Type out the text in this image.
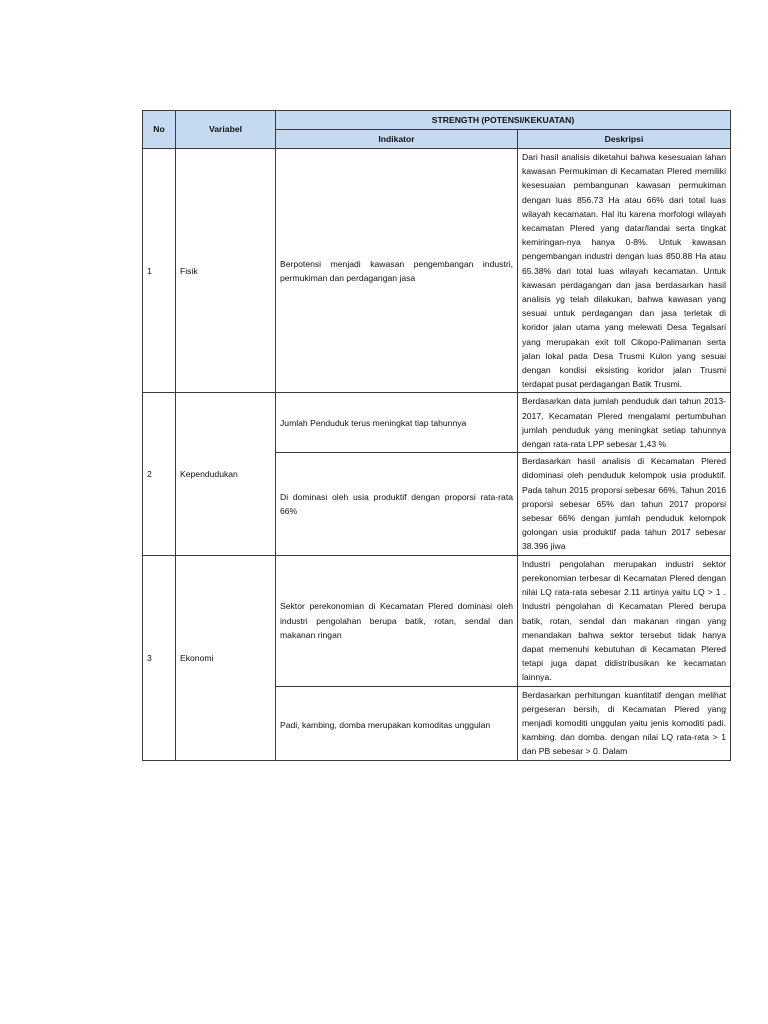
No	Variabel	STRENGTH (POTENSI/KEKUATAN)	
		Indikator	Deskripsi
1	Fisik	Berpotensi menjadi kawasan pengembangan industri, permukiman dan perdagangan jasa	Dari hasil analisis diketahui bahwa kesesuaian lahan kawasan Permukiman di Kecamatan Plered memiliki kesesuaian pembangunan kawasan permukiman dengan luas 856.73 Ha atau 66% dari total luas wilayah kecamatan. Hal itu karena morfologi wilayah kecamatan Plered yang datar/landai serta tingkat kemiringan-nya hanya 0-8%. Untuk kawasan pengembangan industri dengan luas 850.88 Ha atau 65.38% dari total luas wilayah kecamatan. Untuk kawasan perdagangan dan jasa berdasarkan hasil analisis yg telah dilakukan, bahwa kawasan yang sesuai untuk perdagangan dan jasa terletak di koridor jalan utama yang melewati Desa Tegalsari yang merupakan exit toll Cikopo-Palimanan serta jalan lokal pada Desa Trusmi Kulon yang sesuai dengan kondisi eksisting koridor jalan Trusmi terdapat pusat perdagangan Batik Trusmi.
2	Kependudukan	Jumlah Penduduk terus meningkat tiap tahunnya	Berdasarkan data jumlah penduduk dari tahun 2013-2017, Kecamatan Plered mengalami pertumbuhan jumlah penduduk yang meningkat setiap tahunnya dengan rata-rata LPP sebesar 1,43 %
		Di dominasi oleh usia produktif dengan proporsi rata-rata 66%	Berdasarkan hasil analisis di Kecamatan Plered didominasi oleh penduduk kelompok usia produktif. Pada tahun 2015 proporsi sebesar 66%, Tahun 2016 proporsi sebesar 65% dan tahun 2017 proporsi sebesar 66% dengan jumlah penduduk kelompok golongan usia produktif pada tahun 2017 sebesar 38.396 jiwa
3	Ekonomi	Sektor perekonomian di Kecamatan Plered dominasi oleh industri pengolahan berupa batik, rotan, sendal dan makanan ringan	Industri pengolahan merupakan industri sektor perekonomian terbesar di Kecamatan Plered dengan nilai LQ rata-rata sebesar 2.11 artinya yaitu LQ > 1 . Industri pengolahan di Kecamatan Plered berupa batik, rotan, sendal dan makanan ringan yang menandakan bahwa sektor tersebut tidak hanya dapat memenuhi kebutuhan di Kecamatan Plered tetapi juga dapat didistribusikan ke kecamatan lainnya.
		Padi, kambing, domba merupakan komoditas unggulan	Berdasarkan perhitungan kuantitatif dengan melihat pergeseran bersih, di Kecamatan Plered yang menjadi komoditi unggulan yaitu jenis komoditi padi. kambing. dan domba. dengan nilai LQ rata-rata > 1 dan PB sebesar > 0. Dalam
